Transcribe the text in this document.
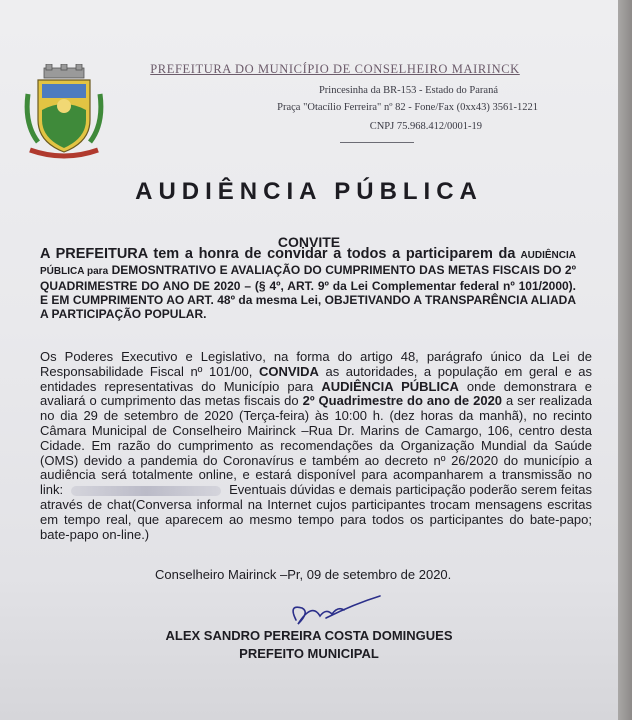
PREFEITURA DO MUNICÍPIO DE CONSELHEIRO MAIRINCK
Princesinha da BR-153 - Estado do Paraná
Praça "Otacílio Ferreira" nº 82 - Fone/Fax (0xx43) 3561-1221
CNPJ 75.968.412/0001-19
AUDIÊNCIA PÚBLICA
CONVITE
A PREFEITURA tem a honra de convidar a todos a participarem da AUDIÊNCIA PÚBLICA para DEMOSNTRATIVO E AVALIAÇÃO DO CUMPRIMENTO DAS METAS FISCAIS DO 2º QUADRIMESTRE DO ANO DE 2020 – (§ 4º, ART. 9º da Lei Complementar federal nº 101/2000). E EM CUMPRIMENTO AO ART. 48º da mesma Lei, OBJETIVANDO A TRANSPARÊNCIA ALIADA A PARTICIPAÇÃO POPULAR.
Os Poderes Executivo e Legislativo, na forma do artigo 48, parágrafo único da Lei de Responsabilidade Fiscal nº 101/00, CONVIDA as autoridades, a população em geral e as entidades representativas do Município para AUDIÊNCIA PÚBLICA onde demonstrara e avaliará o cumprimento das metas fiscais do 2º Quadrimestre do ano de 2020 a ser realizada no dia 29 de setembro de 2020 (Terça-feira) às 10:00 h. (dez horas da manhã), no recinto Câmara Municipal de Conselheiro Mairinck –Rua Dr. Marins de Camargo, 106, centro desta Cidade. Em razão do cumprimento as recomendações da Organização Mundial da Saúde (OMS) devido a pandemia do Coronavírus e também ao decreto nº 26/2020 do município a audiência será totalmente online, e estará disponível para acompanharem a transmissão no link:	Eventuais dúvidas e demais participação poderão serem feitas através de chat(Conversa informal na Internet cujos participantes trocam mensagens escritas em tempo real, que aparecem ao mesmo tempo para todos os participantes do bate-papo; bate-papo on-line.)
Conselheiro Mairinck –Pr, 09 de setembro de 2020.
ALEX SANDRO PEREIRA COSTA DOMINGUES
PREFEITO MUNICIPAL
